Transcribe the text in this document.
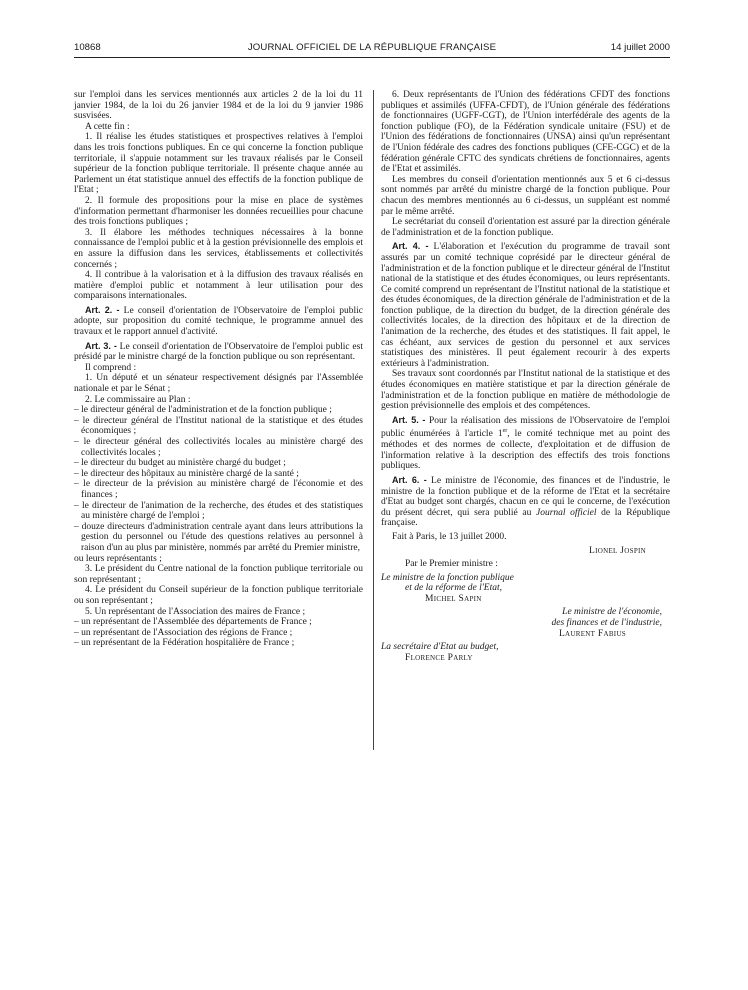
10868	JOURNAL OFFICIEL DE LA RÉPUBLIQUE FRANÇAISE	14 juillet 2000

sur l'emploi dans les services mentionnés aux articles 2 de la loi du 11 janvier 1984, de la loi du 26 janvier 1984 et de la loi du 9 janvier 1986 susvisées.

A cette fin :

1. Il réalise les études statistiques et prospectives relatives à l'emploi dans les trois fonctions publiques. En ce qui concerne la fonction publique territoriale, il s'appuie notamment sur les travaux réalisés par le Conseil supérieur de la fonction publique territoriale. Il présente chaque année au Parlement un état statistique annuel des effectifs de la fonction publique de l'Etat ;

2. Il formule des propositions pour la mise en place de systèmes d'information permettant d'harmoniser les données recueillies pour chacune des trois fonctions publiques ;

3. Il élabore les méthodes techniques nécessaires à la bonne connaissance de l'emploi public et à la gestion prévisionnelle des emplois et en assure la diffusion dans les services, établissements et collectivités concernés ;

4. Il contribue à la valorisation et à la diffusion des travaux réalisés en matière d'emploi public et notamment à leur utilisation pour des comparaisons internationales.

Art. 2. - Le conseil d'orientation de l'Observatoire de l'emploi public adopte, sur proposition du comité technique, le programme annuel des travaux et le rapport annuel d'activité.

Art. 3. - Le conseil d'orientation de l'Observatoire de l'emploi public est présidé par le ministre chargé de la fonction publique ou son représentant.

Il comprend :

1. Un député et un sénateur respectivement désignés par l'Assemblée nationale et par le Sénat ;

2. Le commissaire au Plan :

– le directeur général de l'administration et de la fonction publique ;

– le directeur général de l'Institut national de la statistique et des études économiques ;

– le directeur général des collectivités locales au ministère chargé des collectivités locales ;

– le directeur du budget au ministère chargé du budget ;

– le directeur des hôpitaux au ministère chargé de la santé ;

– le directeur de la prévision au ministère chargé de l'économie et des finances ;

– le directeur de l'animation de la recherche, des études et des statistiques au ministère chargé de l'emploi ;

– douze directeurs d'administration centrale ayant dans leurs attributions la gestion du personnel ou l'étude des questions relatives au personnel à raison d'un au plus par ministère, nommés par arrêté du Premier ministre,

ou leurs représentants ;

3. Le président du Centre national de la fonction publique territoriale ou son représentant ;

4. Le président du Conseil supérieur de la fonction publique territoriale ou son représentant ;

5. Un représentant de l'Association des maires de France ;

– un représentant de l'Assemblée des départements de France ;

– un représentant de l'Association des régions de France ;

– un représentant de la Fédération hospitalière de France ;

6. Deux représentants de l'Union des fédérations CFDT des fonctions publiques et assimilés (UFFA-CFDT), de l'Union générale des fédérations de fonctionnaires (UGFF-CGT), de l'Union interfédérale des agents de la fonction publique (FO), de la Fédération syndicale unitaire (FSU) et de l'Union des fédérations de fonctionnaires (UNSA) ainsi qu'un représentant de l'Union fédérale des cadres des fonctions publiques (CFE-CGC) et de la fédération générale CFTC des syndicats chrétiens de fonctionnaires, agents de l'Etat et assimilés.

Les membres du conseil d'orientation mentionnés aux 5 et 6 ci-dessus sont nommés par arrêté du ministre chargé de la fonction publique. Pour chacun des membres mentionnés au 6 ci-dessus, un suppléant est nommé par le même arrêté.

Le secrétariat du conseil d'orientation est assuré par la direction générale de l'administration et de la fonction publique.

Art. 4. - L'élaboration et l'exécution du programme de travail sont assurés par un comité technique coprésidé par le directeur général de l'administration et de la fonction publique et le directeur général de l'Institut national de la statistique et des études économiques, ou leurs représentants. Ce comité comprend un représentant de l'Institut national de la statistique et des études économiques, de la direction générale de l'administration et de la fonction publique, de la direction du budget, de la direction générale des collectivités locales, de la direction des hôpitaux et de la direction de l'animation de la recherche, des études et des statistiques. Il fait appel, le cas échéant, aux services de gestion du personnel et aux services statistiques des ministères. Il peut également recourir à des experts extérieurs à l'administration.

Ses travaux sont coordonnés par l'Institut national de la statistique et des études économiques en matière statistique et par la direction générale de l'administration et de la fonction publique en matière de méthodologie de gestion prévisionnelle des emplois et des compétences.

Art. 5. - Pour la réalisation des missions de l'Observatoire de l'emploi public énumérées à l'article 1er, le comité technique met au point des méthodes et des normes de collecte, d'exploitation et de diffusion de l'information relative à la description des effectifs des trois fonctions publiques.

Art. 6. - Le ministre de l'économie, des finances et de l'industrie, le ministre de la fonction publique et de la réforme de l'Etat et la secrétaire d'Etat au budget sont chargés, chacun en ce qui le concerne, de l'exécution du présent décret, qui sera publié au Journal officiel de la République française.

Fait à Paris, le 13 juillet 2000.

Lionel Jospin

Par le Premier ministre :

Le ministre de la fonction publique

et de la réforme de l'Etat,

Michel Sapin

Le ministre de l'économie,

des finances et de l'industrie,

Laurent Fabius

La secrétaire d'Etat au budget,

Florence Parly
